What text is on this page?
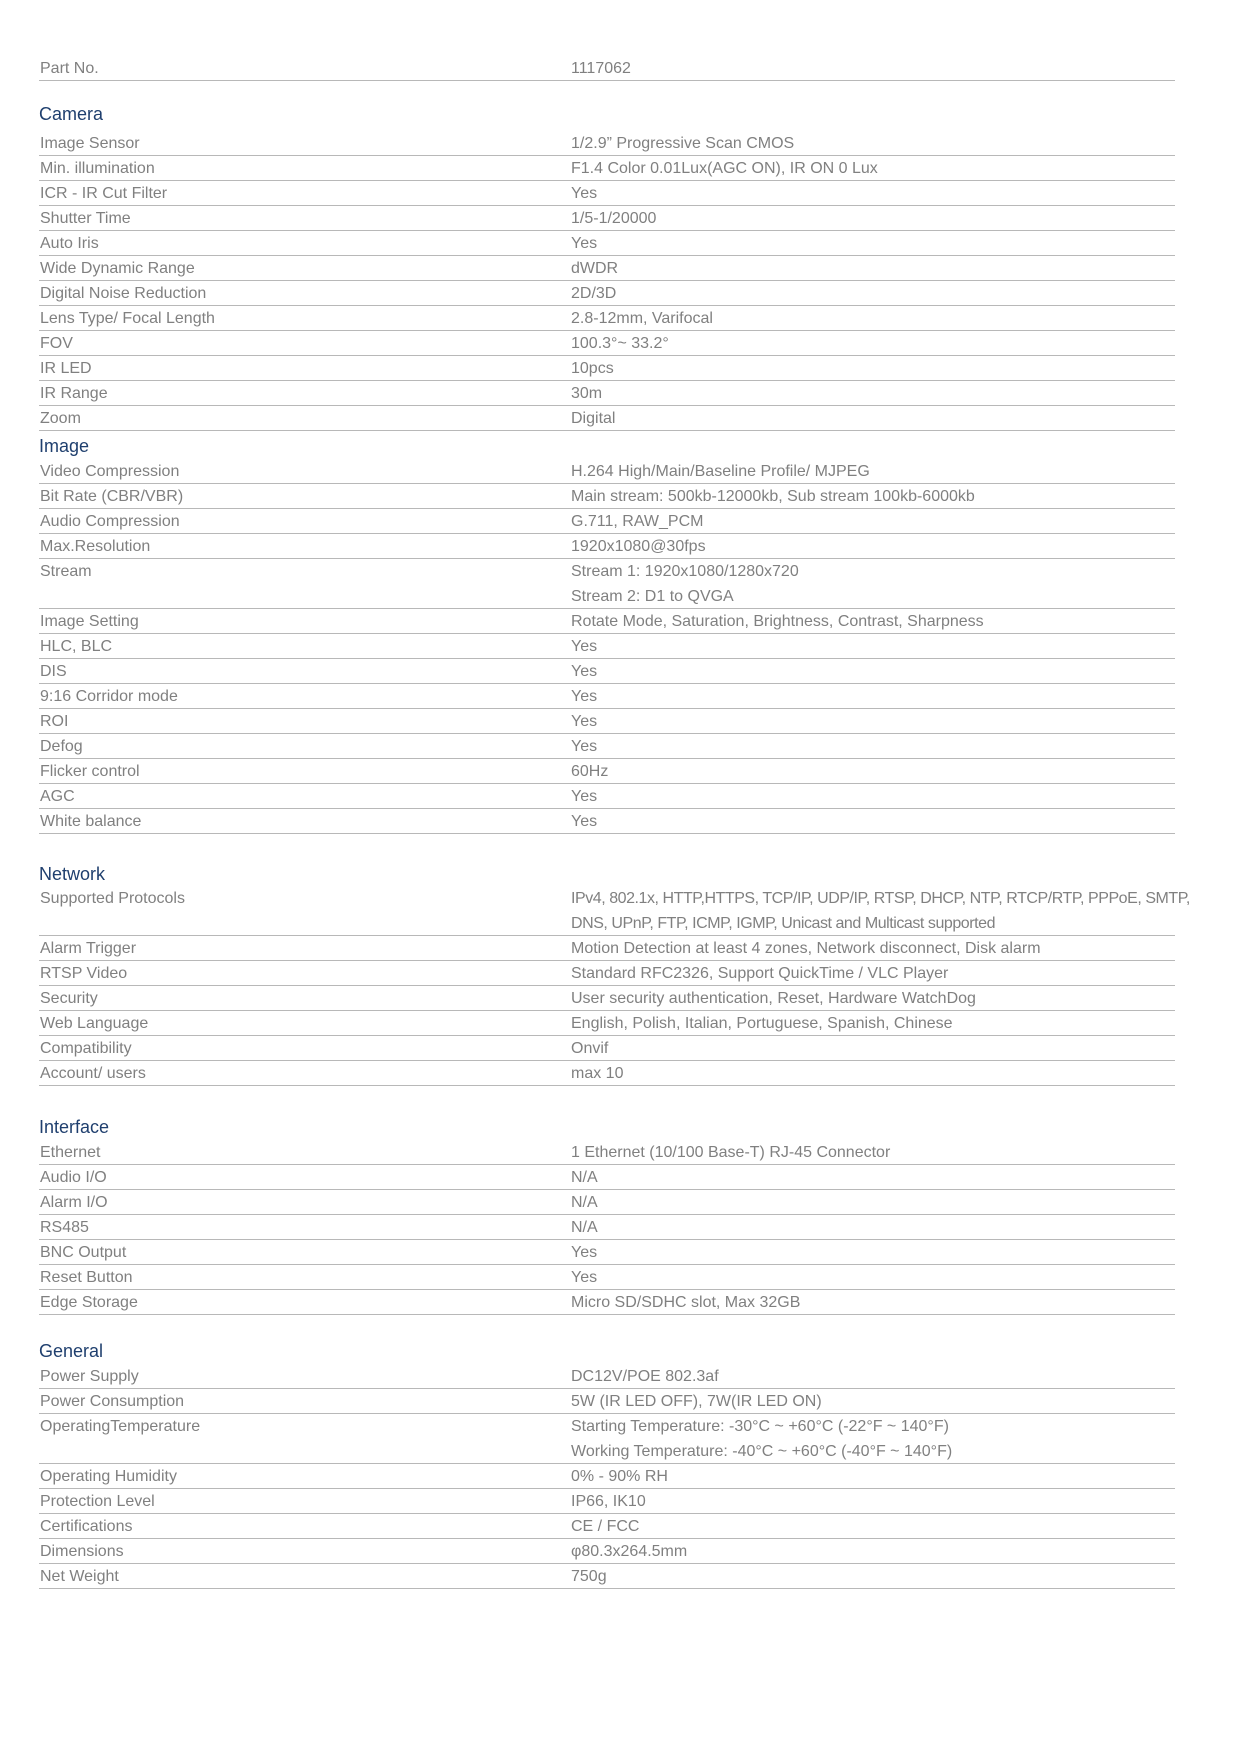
Part No.	1117062
Camera
Image Sensor	1/2.9” Progressive Scan CMOS
Min. illumination	F1.4 Color 0.01Lux(AGC ON), IR ON 0 Lux
ICR - IR Cut Filter	Yes
Shutter Time	1/5-1/20000
Auto Iris	Yes
Wide Dynamic Range	dWDR
Digital Noise Reduction	2D/3D
Lens Type/ Focal Length	2.8-12mm, Varifocal
FOV	100.3°~ 33.2°
IR LED	10pcs
IR Range	30m
Zoom	Digital
Image
Video Compression	H.264 High/Main/Baseline Profile/ MJPEG
Bit Rate (CBR/VBR)	Main stream: 500kb-12000kb, Sub stream 100kb-6000kb
Audio Compression	G.711, RAW_PCM
Max.Resolution	1920x1080@30fps
Stream	Stream 1: 1920x1080/1280x720
Stream 2: D1 to QVGA
Image Setting	Rotate Mode, Saturation, Brightness, Contrast, Sharpness
HLC, BLC	Yes
DIS	Yes
9:16 Corridor mode	Yes
ROI	Yes
Defog	Yes
Flicker control	60Hz
AGC	Yes
White balance	Yes
Network
Supported Protocols	IPv4, 802.1x, HTTP,HTTPS, TCP/IP, UDP/IP, RTSP, DHCP, NTP, RTCP/RTP, PPPoE, SMTP,
DNS, UPnP, FTP, ICMP, IGMP, Unicast and Multicast supported
Alarm Trigger	Motion Detection at least 4 zones, Network disconnect, Disk alarm
RTSP Video	Standard RFC2326, Support QuickTime / VLC Player
Security	User security authentication, Reset, Hardware WatchDog
Web Language	English, Polish, Italian, Portuguese, Spanish, Chinese
Compatibility	Onvif
Account/ users	max 10
Interface
Ethernet	1 Ethernet (10/100 Base-T) RJ-45 Connector
Audio I/O	N/A
Alarm I/O	N/A
RS485	N/A
BNC Output	Yes
Reset Button	Yes
Edge Storage	Micro SD/SDHC slot, Max 32GB
General
Power Supply	DC12V/POE 802.3af
Power Consumption	5W (IR LED OFF), 7W(IR LED ON)
OperatingTemperature	Starting Temperature: -30°C ~ +60°C (-22°F ~ 140°F)
Working Temperature: -40°C ~ +60°C (-40°F ~ 140°F)
Operating Humidity	0% - 90% RH
Protection Level	IP66, IK10
Certifications	CE / FCC
Dimensions	φ80.3x264.5mm
Net Weight	750g
